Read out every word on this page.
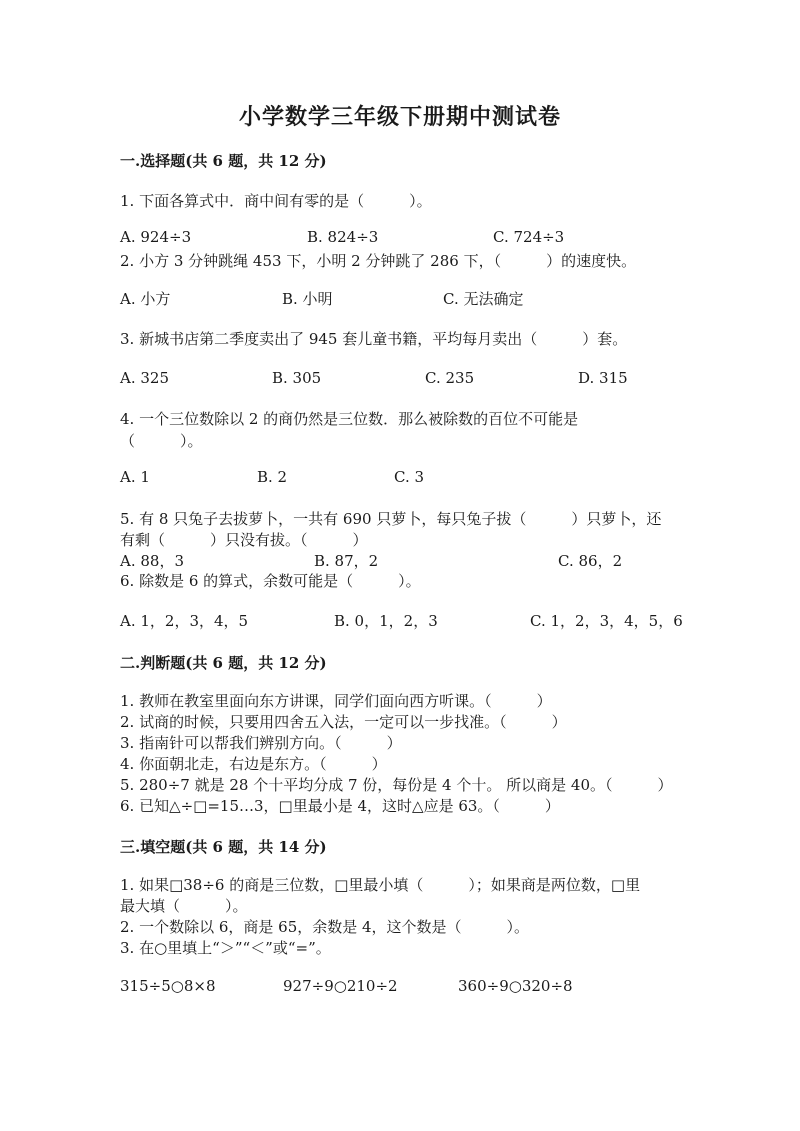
小学数学三年级下册期中测试卷
一.选择题(共 6 题，共 12 分)
1. 下面各算式中．商中间有零的是（　　　）。
A. 924÷3	B. 824÷3	C. 724÷3
2. 小方 3 分钟跳绳 453 下，小明 2 分钟跳了 286 下，（　　　）的速度快。
A. 小方	B. 小明	C. 无法确定
3. 新城书店第二季度卖出了 945 套儿童书籍，平均每月卖出（　　　）套。
A. 325	B. 305	C. 235	D. 315
4. 一个三位数除以 2 的商仍然是三位数．那么被除数的百位不可能是
（　　　）。
A. 1	B. 2	C. 3
5. 有 8 只兔子去拔萝卜，一共有 690 只萝卜，每只兔子拔（　　　）只萝卜，还
有剩（　　　）只没有拔。（　　　）
A. 88，3	B. 87，2	C. 86，2
6. 除数是 6 的算式，余数可能是（　　　）。
A. 1，2，3，4，5	B. 0，1，2，3	C. 1，2，3，4，5，6
二.判断题(共 6 题，共 12 分)
1. 教师在教室里面向东方讲课，同学们面向西方听课。（　　　）
2. 试商的时候，只要用四舍五入法，一定可以一步找准。（　　　）
3. 指南针可以帮我们辨别方向。（　　　）
4. 你面朝北走，右边是东方。（　　　）
5. 280÷7 就是 28 个十平均分成 7 份，每份是 4 个十。 所以商是 40。（　　　）
6. 已知△÷□=15…3，□里最小是 4，这时△应是 63。（　　　）
三.填空题(共 6 题，共 14 分)
1. 如果□38÷6 的商是三位数，□里最小填（　　　）；如果商是两位数，□里
最大填（　　　）。
2. 一个数除以 6，商是 65，余数是 4，这个数是（　　　）。
3. 在○里填上“＞”“＜”或“=”。
315÷5○8×8	927÷9○210÷2	360÷9○320÷8
